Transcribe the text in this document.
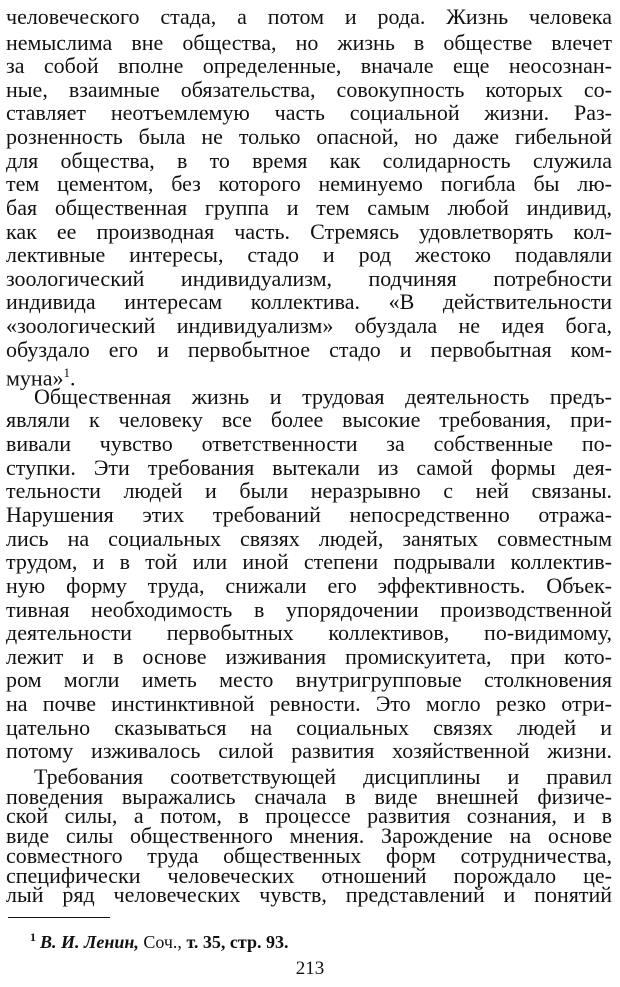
человеческого стада, а потом и рода. Жизнь человека
немыслима вне общества, но жизнь в обществе влечет
за собой вполне определенные, вначале еще неосознан-
ные, взаимные обязательства, совокупность которых со-
ставляет неотъемлемую часть социальной жизни. Раз-
розненность была не только опасной, но даже гибельной
для общества, в то время как солидарность служила
тем цементом, без которого неминуемо погибла бы лю-
бая общественная группа и тем самым любой индивид,
как ее производная часть. Стремясь удовлетворять кол-
лективные интересы, стадо и род жестоко подавляли
зоологический индивидуализм, подчиняя потребности
индивида интересам коллектива. «В действительности
«зоологический индивидуализм» обуздала не идея бога,
обуздало его и первобытное стадо и первобытная ком-
муна»$^1$.
Общественная жизнь и трудовая деятельность предъ-
являли к человеку все более высокие требования, при-
вивали чувство ответственности за собственные по-
ступки. Эти требования вытекали из самой формы дея-
тельности людей и были неразрывно с ней связаны.
Нарушения этих требований непосредственно отража-
лись на социальных связях людей, занятых совместным
трудом, и в той или иной степени подрывали коллектив-
ную форму труда, снижали его эффективность. Объек-
тивная необходимость в упорядочении производственной
деятельности первобытных коллективов, по-видимому,
лежит и в основе изживания промискуитета, при кото-
ром могли иметь место внутригрупповые столкновения
на почве инстинктивной ревности. Это могло резко отри-
цательно сказываться на социальных связях людей и
потому изживалось силой развития хозяйственной жизни.
Требования соответствующей дисциплины и правил
поведения выражались сначала в виде внешней физиче-
ской силы, а потом, в процессе развития сознания, и в
виде силы общественного мнения. Зарождение на основе
совместного труда общественных форм сотрудничества,
специфически человеческих отношений порождало це-
лый ряд человеческих чувств, представлений и понятий
$^1$ В. И. Ленин, Соч., т. 35, стр. 93.
213
